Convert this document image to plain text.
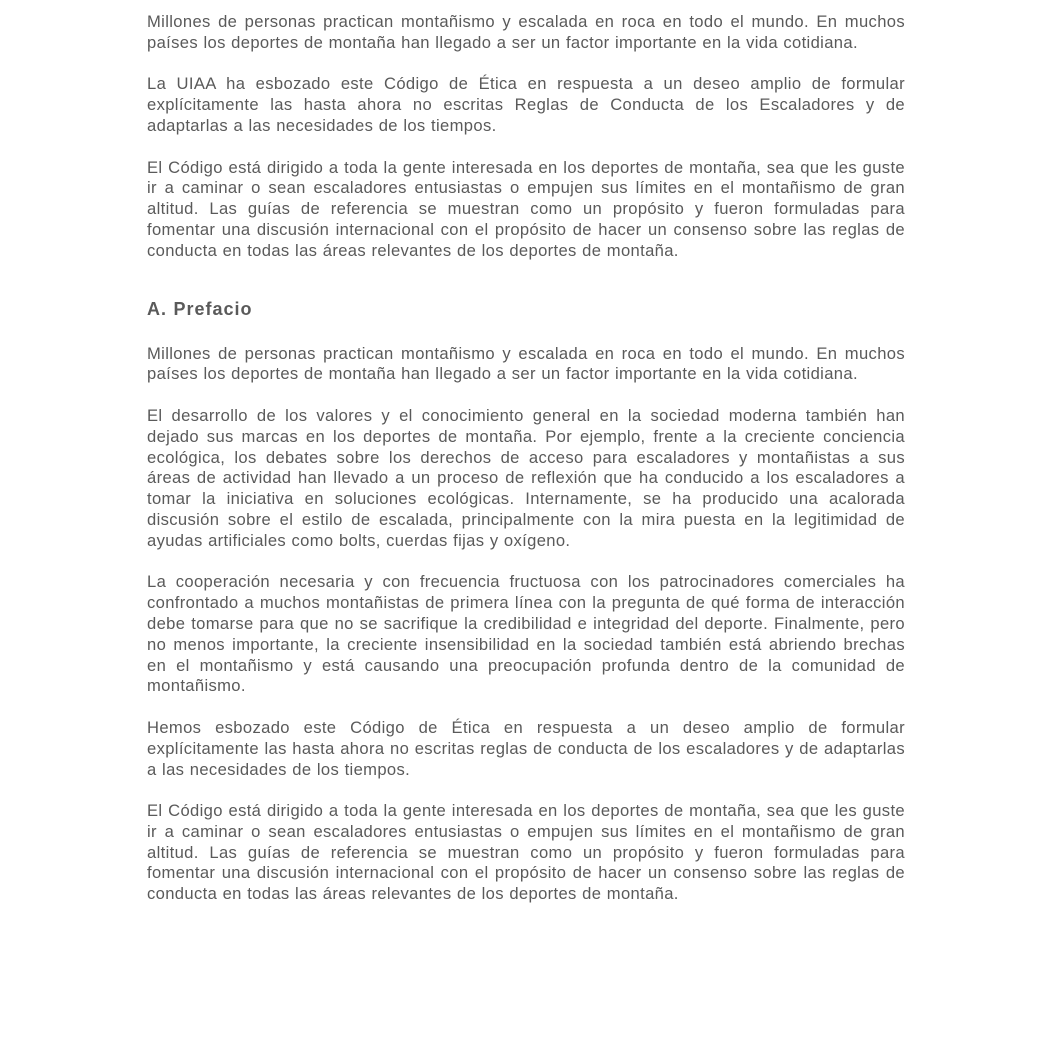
Millones de personas practican montañismo y escalada en roca en todo el mundo. En muchos países los deportes de montaña han llegado a ser un factor importante en la vida cotidiana.

La UIAA ha esbozado este Código de Ética en respuesta a un deseo amplio de formular explícitamente las hasta ahora no escritas Reglas de Conducta de los Escaladores y de adaptarlas a las necesidades de los tiempos.

El Código está dirigido a toda la gente interesada en los deportes de montaña, sea que les guste ir a caminar o sean escaladores entusiastas o empujen sus límites en el montañismo de gran altitud. Las guías de referencia se muestran como un propósito y fueron formuladas para fomentar una discusión internacional con el propósito de hacer un consenso sobre las reglas de conducta en todas las áreas relevantes de los deportes de montaña.

A. Prefacio

Millones de personas practican montañismo y escalada en roca en todo el mundo. En muchos países los deportes de montaña han llegado a ser un factor importante en la vida cotidiana.

El desarrollo de los valores y el conocimiento general en la sociedad moderna también han dejado sus marcas en los deportes de montaña. Por ejemplo, frente a la creciente conciencia ecológica, los debates sobre los derechos de acceso para escaladores y montañistas a sus áreas de actividad han llevado a un proceso de reflexión que ha conducido a los escaladores a tomar la iniciativa en soluciones ecológicas. Internamente, se ha producido una acalorada discusión sobre el estilo de escalada, principalmente con la mira puesta en la legitimidad de ayudas artificiales como bolts, cuerdas fijas y oxígeno.

La cooperación necesaria y con frecuencia fructuosa con los patrocinadores comerciales ha confrontado a muchos montañistas de primera línea con la pregunta de qué forma de interacción debe tomarse para que no se sacrifique la credibilidad e integridad del deporte. Finalmente, pero no menos importante, la creciente insensibilidad en la sociedad también está abriendo brechas en el montañismo y está causando una preocupación profunda dentro de la comunidad de montañismo.

Hemos esbozado este Código de Ética en respuesta a un deseo amplio de formular explícitamente las hasta ahora no escritas reglas de conducta de los escaladores y de adaptarlas a las necesidades de los tiempos.

El Código está dirigido a toda la gente interesada en los deportes de montaña, sea que les guste ir a caminar o sean escaladores entusiastas o empujen sus límites en el montañismo de gran altitud. Las guías de referencia se muestran como un propósito y fueron formuladas para fomentar una discusión internacional con el propósito de hacer un consenso sobre las reglas de conducta en todas las áreas relevantes de los deportes de montaña.
